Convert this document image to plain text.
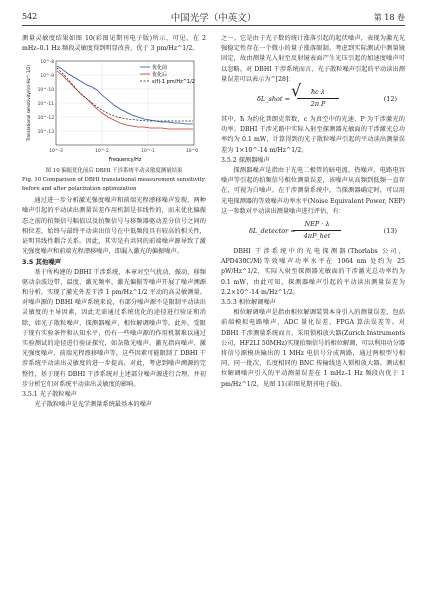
542	中国光学（中英文）	第 18 卷

测量灵敏度结果如图 10(彩图见期刊电子版)所示，可见，在 2 mHz–0.1 Hz 频段灵敏度得到明显改善，优于 3 pm/Hz^1/2。

优化前
优化后
s(f)·1 pm/Hz^1/2
10^-8
10^-9
10^-10
10^-11
10^-12
10^-13
10^-3	10^-2	10^-1	10^0
Frequency/Hz
Translational sensitivity/(m·Hz^-1/2)
图 10 偏振优化前后 DBHI 干涉系统平动灵敏度测量结果
Fig. 10 Comparison of DBHI translational measurement sensitivity before and after polarization optimization

通过进一步分析激光强度噪声和前端光程漂移噪声发现，两种噪声引起的平动读出测量误差作用机制是非线性的，而未优化偏振态之前的拍频信号幅值以及拍频信号与移频器驱动差分信号之间的相位差，始终与最终平动读出信号在中低频段具有较高的相关性，证明其线性耦合关系。因此，其实是有共同的前端噪声源导致了激光强度噪声和前端光程漂移噪声，即漏入激光的偏振噪声。

3.5 其他噪声

基于所构建的 DBHI 干涉系统，本章对空气扰动、振动、移频驱动杂波边带、温度、激光频率、激光偏振等噪声开展了噪声溯源和分析，实现了激光外差干涉 1 pm/Hz^1/2 平动的高灵敏测量。对噪声源的 DBHI 噪声系统来说，有部分噪声源不是限制平动读出灵敏度的主导因素，因此无需通过系统优化的途径进行验证和消除，如光子散粒噪声、探测器噪声、相位解调噪声等。此外，受限于现有实验条件和认知水平，仍有一些噪声源的作用机制难以通过实验测试的途径进行验证探究，如杂散光噪声、激光指向噪声、激光强度噪声、前端光程漂移噪声等，这些因素可能限制了 DBHI 干涉系统平动读出灵敏度的进一步提高。对此，考虑到噪声溯源的完整性，基于现有 DBHI 干涉系统对上述部分噪声源进行合理、并初步分析它们对系统平动读出灵敏度的影响。

3.5.1 光子散粒噪声

光子散粒噪声是光学测量系统最基本的噪声

之一。它是由于光子数的统计涨落引起的起伏噪声，表现为激光光强稳定性存在一个微小的量子涨落限制。考虑到实际测试中测量镜固定，故由测量光入射至反射镜表面产生光压引起的加速度噪声可以忽略。对 DBHI 干涉系统而言，光子散粒噪声引起的平动读出测量误差可以表示为^[28]：

δL_shot = √
$\frac{\text{ħc λ}}{\text{2π P}}$	(12)

其中，ħ 为约化普朗克常数，c 为真空中的光速，P 为干涉激光的功率。DBHI 干涉光路中实际入射至探测器光敏面的干涉激光总功率约为 0.1 mW，计算得到的光子散粒噪声引起的平动读出测量误差为 1×10^-14 m/Hz^1/2。

3.5.2 探测器噪声

探测器噪声是指由于光电二极管的暗电流、热噪声、电路电容噪声等引起的拍频信号相位测量误差，该噪声从高频到低频一直存在，可视为白噪声。在干涉测量系统中，当探测器确定时，可以用光电探测器的等效噪声功率水平(Noise Equivalent Power, NEP)这一参数对平动读出测量噪声进行评估，有：

δL_detector =
NEP · λ
4πP_het
(13)

DBHI 干涉系统中的光电探测器(Thorlabs 公司，APD430C/M)等效噪声功率水平在 1064 nm 处约为 25 pW/Hz^1/2，实际入射至探测器光敏面的干涉激光总功率约为 0.1 mW，由此可知，探测器噪声引起的平动读出测量误差为 2.2×10^-14 m/Hz^1/2。

3.5.3 相位解调噪声

相位解调噪声是指由相位解调装置本身引入的测量误差，包括前端模拟电路噪声、ADC 量化误差、FPGA 算法误差等。对 DBHI 干涉测量系统而言，采用锁相放大器(Zurich Instruments 公司，HF2LI 50MHz)实现拍频信号的相位解调，可以利用功分器将信号源模块输出的 1 MHz 电信号分成两路，通过两根型号相同、同一批次、长度相同的 BNC 传输线送入锁相放大器。测试相位解调噪声引入的平动测量误差在 1 mHz–1 Hz 频段内优于 1 pm/Hz^1/2，见图 11(彩图见期刊电子版)。
